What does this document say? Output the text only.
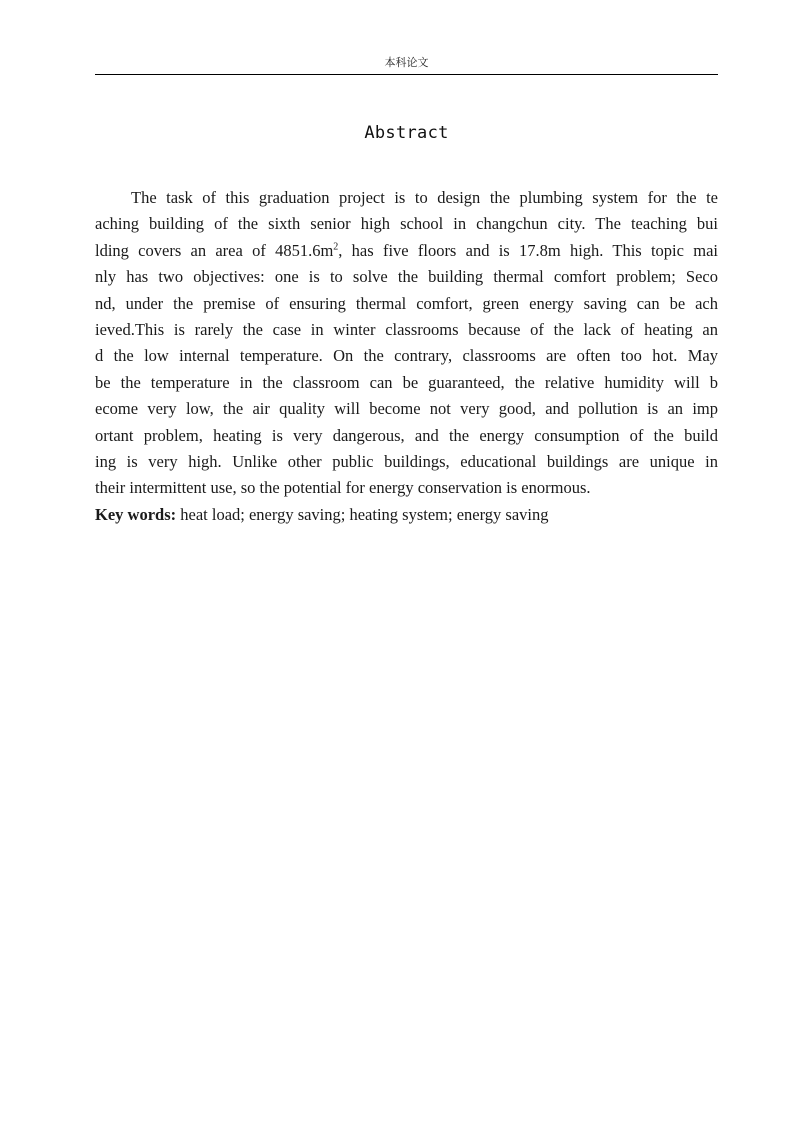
本科论文
Abstract
The task of this graduation project is to design the plumbing system for the te
aching building of the sixth senior high school in changchun city. The teaching bui
lding covers an area of $4851.6m^2$, has five floors and is 17.8m high. This topic mai
nly has two objectives: one is to solve the building thermal comfort problem; Seco
nd, under the premise of ensuring thermal comfort, green energy saving can be ach
ieved.This is rarely the case in winter classrooms because of the lack of heating an
d the low internal temperature. On the contrary, classrooms are often too hot. May
be the temperature in the classroom can be guaranteed, the relative humidity will b
ecome very low, the air quality will become not very good, and pollution is an imp
ortant problem, heating is very dangerous, and the energy consumption of the build
ing is very high. Unlike other public buildings, educational buildings are unique in
their intermittent use, so the potential for energy conservation is enormous.
Key words: heat load; energy saving; heating system; energy saving
